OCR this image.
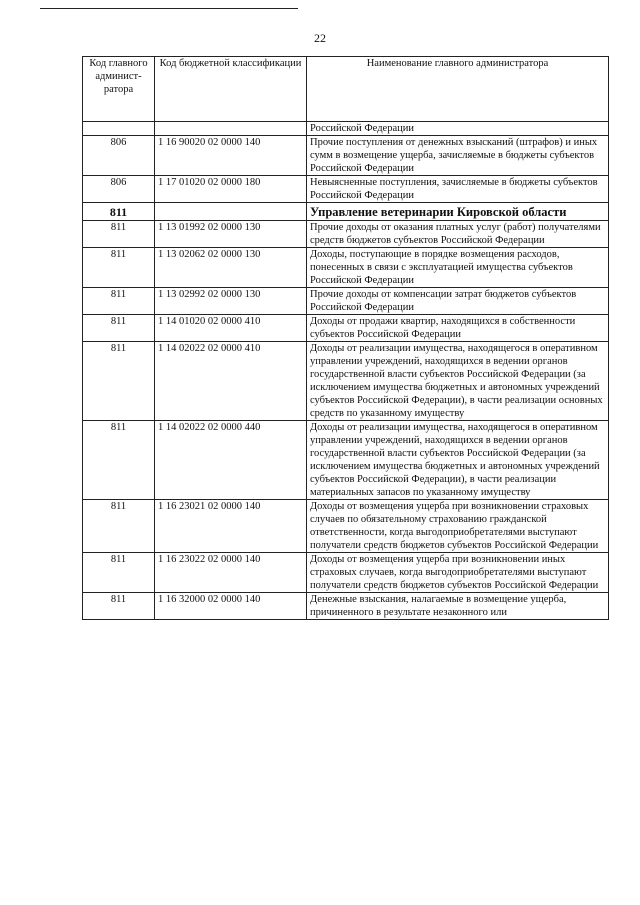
22
Код главного админист-ратора	Код бюджетной классификации	Наименование главного администратора
		Российской Федерации
806	1 16 90020 02 0000 140	Прочие поступления от денежных взысканий (штрафов) и иных сумм в возмещение ущерба, зачисляемые в бюджеты субъектов Российской Федерации
806	1 17 01020 02 0000 180	Невыясненные поступления, зачисляемые в бюджеты субъектов Российской Федерации
811		Управление ветеринарии Кировской области
811	1 13 01992 02 0000 130	Прочие доходы от оказания платных услуг (работ) получателями средств бюджетов субъектов Российской Федерации
811	1 13 02062 02 0000 130	Доходы, поступающие в порядке возмещения расходов, понесенных в связи с эксплуатацией имущества субъектов Российской Федерации
811	1 13 02992 02 0000 130	Прочие доходы от компенсации затрат бюджетов субъектов Российской Федерации
811	1 14 01020 02 0000 410	Доходы от продажи квартир, находящихся в собственности субъектов Российской Федерации
811	1 14 02022 02 0000 410	Доходы от реализации имущества, находящегося в оперативном управлении учреждений, находящихся в ведении органов государственной власти субъектов Российской Федерации (за исключением имущества бюджетных и автономных учреждений субъектов Российской Федерации), в части реализации основных средств по указанному имуществу
811	1 14 02022 02 0000 440	Доходы от реализации имущества, находящегося в оперативном управлении учреждений, находящихся в ведении органов государственной власти субъектов Российской Федерации (за исключением имущества бюджетных и автономных учреждений субъектов Российской Федерации), в части реализации материальных запасов по указанному имуществу
811	1 16 23021 02 0000 140	Доходы от возмещения ущерба при возникновении страховых случаев по обязательному страхованию гражданской ответственности, когда выгодоприобретателями выступают получатели средств бюджетов субъектов Российской Федерации
811	1 16 23022 02 0000 140	Доходы от возмещения ущерба при возникновении иных страховых случаев, когда выгодоприобретателями выступают получатели средств бюджетов субъектов Российской Федерации
811	1 16 32000 02 0000 140	Денежные взыскания, налагаемые в возмещение ущерба, причиненного в результате незаконного или
